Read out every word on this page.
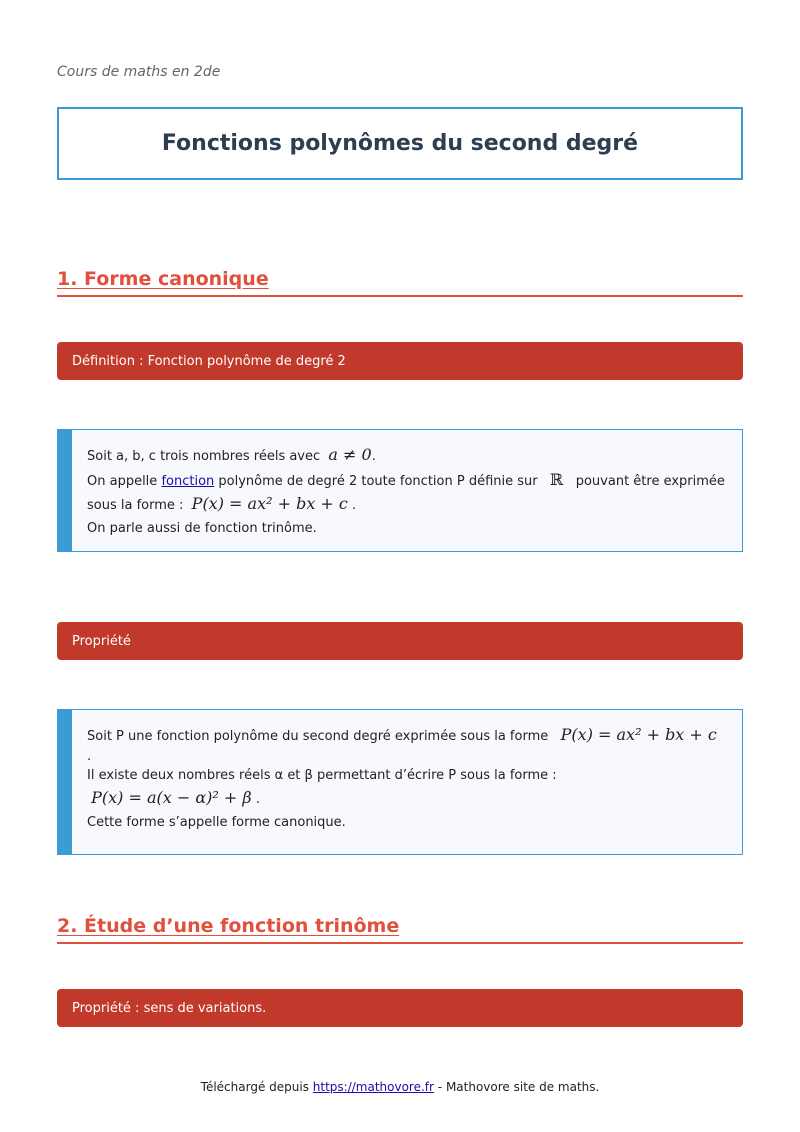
Cours de maths en 2de
Fonctions polynômes du second degré
1. Forme canonique
Définition : Fonction polynôme de degré 2
Soit a, b, c trois nombres réels avec a ≠ 0.
On appelle fonction polynôme de degré 2 toute fonction P définie sur ℝ pouvant être exprimée
sous la forme : P(x) = ax² + bx + c .
On parle aussi de fonction trinôme.
Propriété
Soit P une fonction polynôme du second degré exprimée sous la forme P(x) = ax² + bx + c
.
Il existe deux nombres réels α et β permettant d’écrire P sous la forme :
P(x) = a(x − α)² + β .
Cette forme s’appelle forme canonique.
2. Étude d’une fonction trinôme
Propriété : sens de variations.
Téléchargé depuis https://mathovore.fr - Mathovore site de maths.
